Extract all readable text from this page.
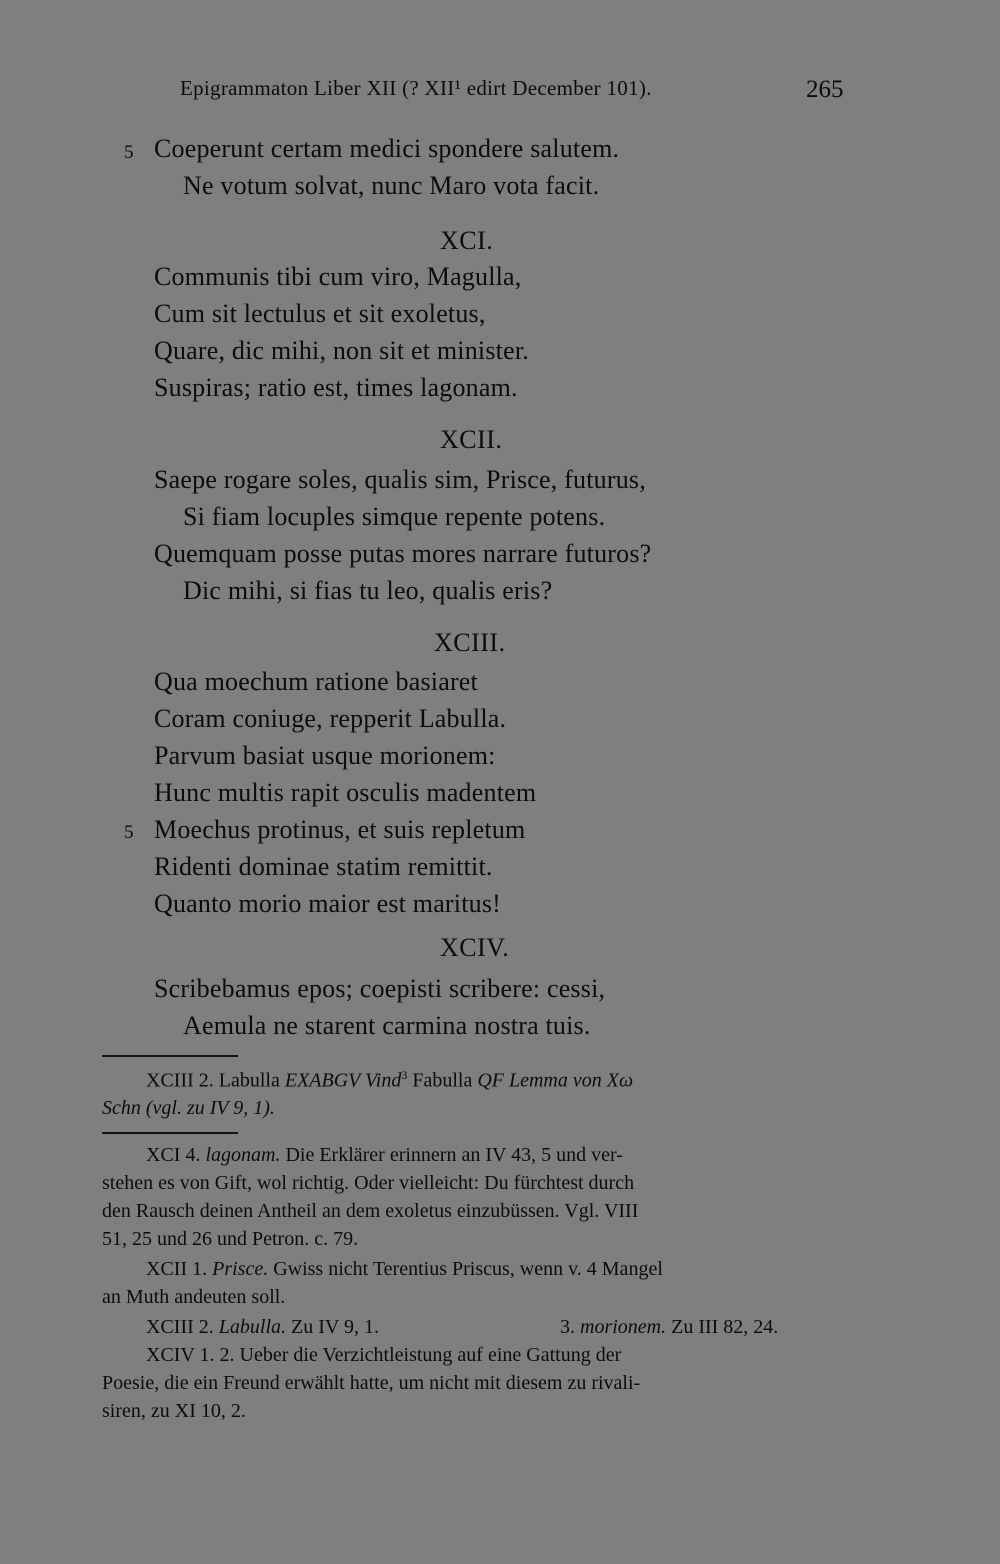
Epigrammaton Liber XII (? XII¹ edirt December 101).	265
5 Coeperunt certam medici spondere salutem.
Ne votum solvat, nunc Maro vota facit.
XCI.
Communis tibi cum viro, Magulla,
Cum sit lectulus et sit exoletus,
Quare, dic mihi, non sit et minister.
Suspiras; ratio est, times lagonam.
XCII.
Saepe rogare soles, qualis sim, Prisce, futurus,
Si fiam locuples simque repente potens.
Quemquam posse putas mores narrare futuros?
Dic mihi, si fias tu leo, qualis eris?
XCIII.
Qua moechum ratione basiaret
Coram coniuge, repperit Labulla.
Parvum basiat usque morionem:
Hunc multis rapit osculis madentem
5 Moechus protinus, et suis repletum
Ridenti dominae statim remittit.
Quanto morio maior est maritus!
XCIV.
Scribebamus epos; coepisti scribere: cessi,
Aemula ne starent carmina nostra tuis.
XCIII 2. Labulla EXABGV Vind$^3$ Fabulla QF Lemma von Xω
Schn (vgl. zu IV 9, 1).
XCI 4. lagonam. Die Erklärer erinnern an IV 43, 5 und ver-
stehen es von Gift, wol richtig. Oder vielleicht: Du fürchtest durch
den Rausch deinen Antheil an dem exoletus einzubüssen. Vgl. VIII
51, 25 und 26 und Petron. c. 79.
XCII 1. Prisce. Gwiss nicht Terentius Priscus, wenn v. 4 Mangel
an Muth andeuten soll.
XCIII 2. Labulla. Zu IV 9, 1.	3. morionem. Zu III 82, 24.
XCIV 1. 2. Ueber die Verzichtleistung auf eine Gattung der
Poesie, die ein Freund erwählt hatte, um nicht mit diesem zu rivali-
siren, zu XI 10, 2.
